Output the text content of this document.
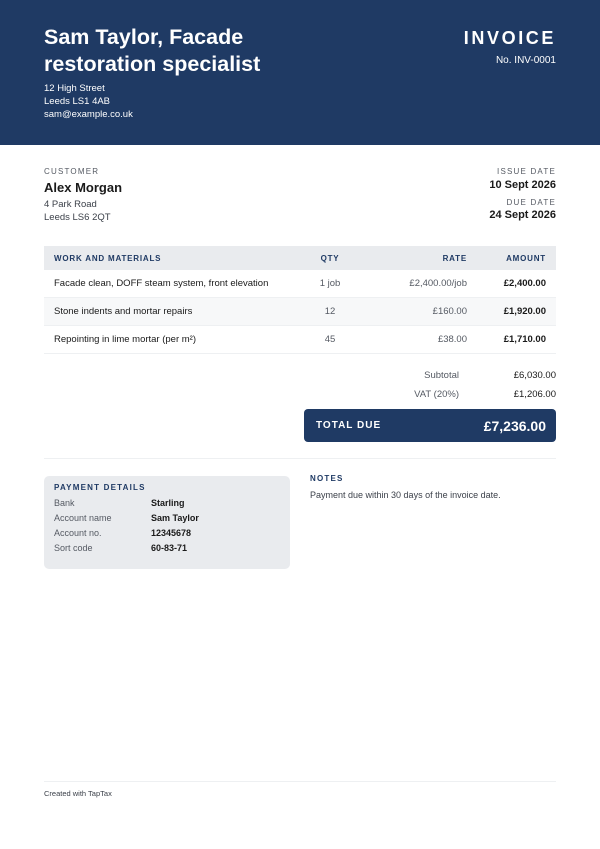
Sam Taylor, Facade restoration specialist
12 High Street
Leeds LS1 4AB
sam@example.co.uk
INVOICE
No. INV-0001
CUSTOMER
Alex Morgan
4 Park Road
Leeds LS6 2QT
ISSUE DATE
10 Sept 2026
DUE DATE
24 Sept 2026
WORK AND MATERIALS	QTY	RATE	AMOUNT
Facade clean, DOFF steam system, front elevation	1 job	£2,400.00/job	£2,400.00
Stone indents and mortar repairs	12	£160.00	£1,920.00
Repointing in lime mortar (per m²)	45	£38.00	£1,710.00
Subtotal	£6,030.00
VAT (20%)	£1,206.00
TOTAL DUE	£7,236.00
PAYMENT DETAILS
Bank	Starling
Account name	Sam Taylor
Account no.	12345678
Sort code	60-83-71
NOTES
Payment due within 30 days of the invoice date.
Created with TapTax
